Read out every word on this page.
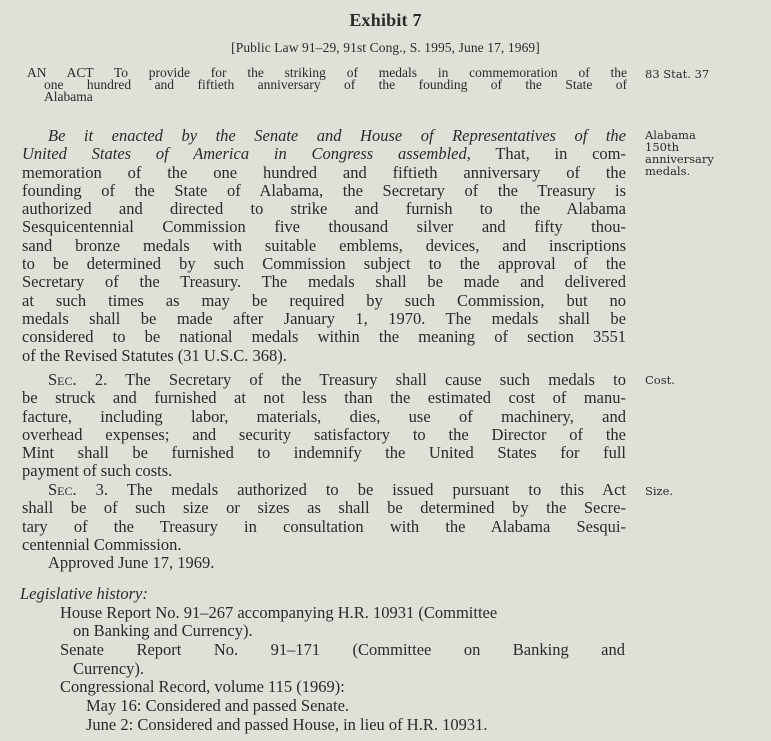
Exhibit 7
[Public Law 91–29, 91st Cong., S. 1995, June 17, 1969]
AN ACT To provide for the striking of medals in commemoration of the
one hundred and fiftieth anniversary of the founding of the State of
Alabama
83 Stat. 37
Alabama
150th
anniversary
medals.
Cost.
Size.
Be it enacted by the Senate and House of Representatives of the
United States of America in Congress assembled, That, in com-
memoration of the one hundred and fiftieth anniversary of the
founding of the State of Alabama, the Secretary of the Treasury is
authorized and directed to strike and furnish to the Alabama
Sesquicentennial Commission five thousand silver and fifty thou-
sand bronze medals with suitable emblems, devices, and inscriptions
to be determined by such Commission subject to the approval of the
Secretary of the Treasury. The medals shall be made and delivered
at such times as may be required by such Commission, but no
medals shall be made after January 1, 1970. The medals shall be
considered to be national medals within the meaning of section 3551
of the Revised Statutes (31 U.S.C. 368).
Sec. 2. The Secretary of the Treasury shall cause such medals to
be struck and furnished at not less than the estimated cost of manu-
facture, including labor, materials, dies, use of machinery, and
overhead expenses; and security satisfactory to the Director of the
Mint shall be furnished to indemnify the United States for full
payment of such costs.
Sec. 3. The medals authorized to be issued pursuant to this Act
shall be of such size or sizes as shall be determined by the Secre-
tary of the Treasury in consultation with the Alabama Sesqui-
centennial Commission.
Approved June 17, 1969.
Legislative history:
House Report No. 91–267 accompanying H.R. 10931 (Committee
on Banking and Currency).
Senate Report No. 91–171 (Committee on Banking and
Currency).
Congressional Record, volume 115 (1969):
May 16: Considered and passed Senate.
June 2: Considered and passed House, in lieu of H.R. 10931.
